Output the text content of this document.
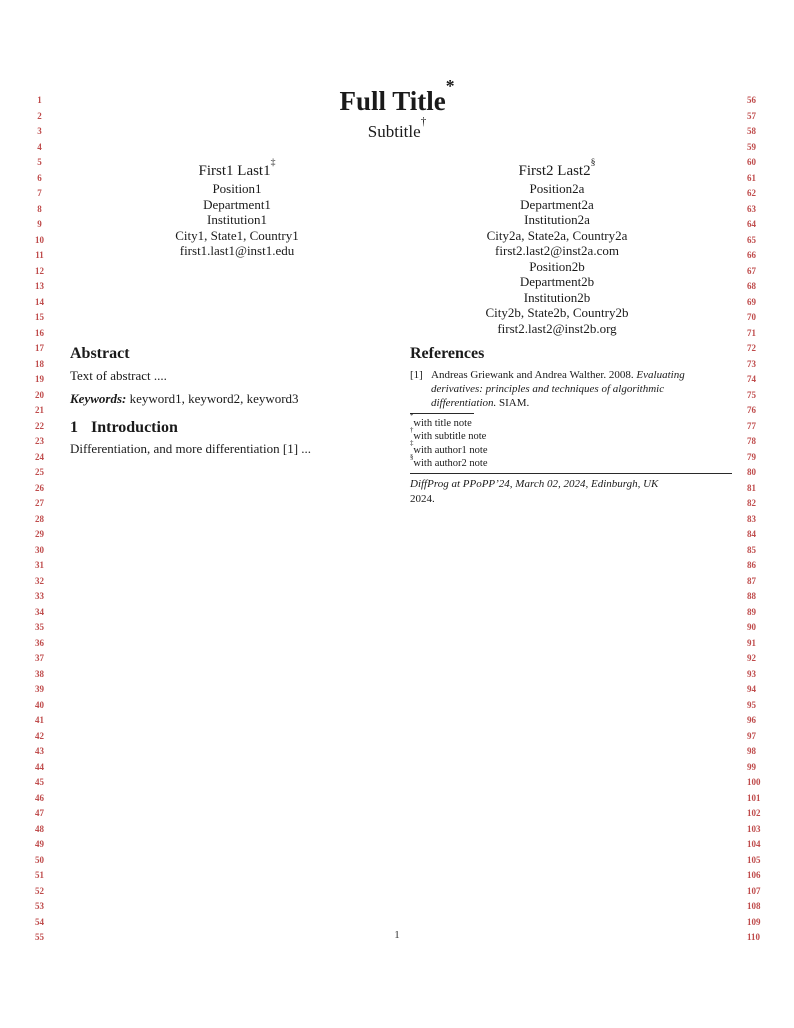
1
2
3
4
5
6
7
8
9
10
11
12
13
14
15
16
17
18
19
20
21
22
23
24
25
26
27
28
29
30
31
32
33
34
35
36
37
38
39
40
41
42
43
44
45
46
47
48
49
50
51
52
53
54
55
56
57
58
59
60
61
62
63
64
65
66
67
68
69
70
71
72
73
74
75
76
77
78
79
80
81
82
83
84
85
86
87
88
89
90
91
92
93
94
95
96
97
98
99
100
101
102
103
104
105
106
107
108
109
110
Full Title*
Subtitle†
First1 Last1‡
Position1
Department1
Institution1
City1, State1, Country1
first1.last1@inst1.edu
First2 Last2§
Position2a
Department2a
Institution2a
City2a, State2a, Country2a
first2.last2@inst2a.com
Position2b
Department2b
Institution2b
City2b, State2b, Country2b
first2.last2@inst2b.org
Abstract

Text of abstract ....

Keywords: keyword1, keyword2, keyword3

1 Introduction

Differentiation, and more differentiation [1] ...

References
[1] Andreas Griewank and Andrea Walther. 2008. Evaluating derivatives: principles and techniques of algorithmic differentiation. SIAM.
*with title note
†with subtitle note
‡with author1 note
§with author2 note

DiffProg at PPoPP’24, March 02, 2024, Edinburgh, UK

2024.

1
